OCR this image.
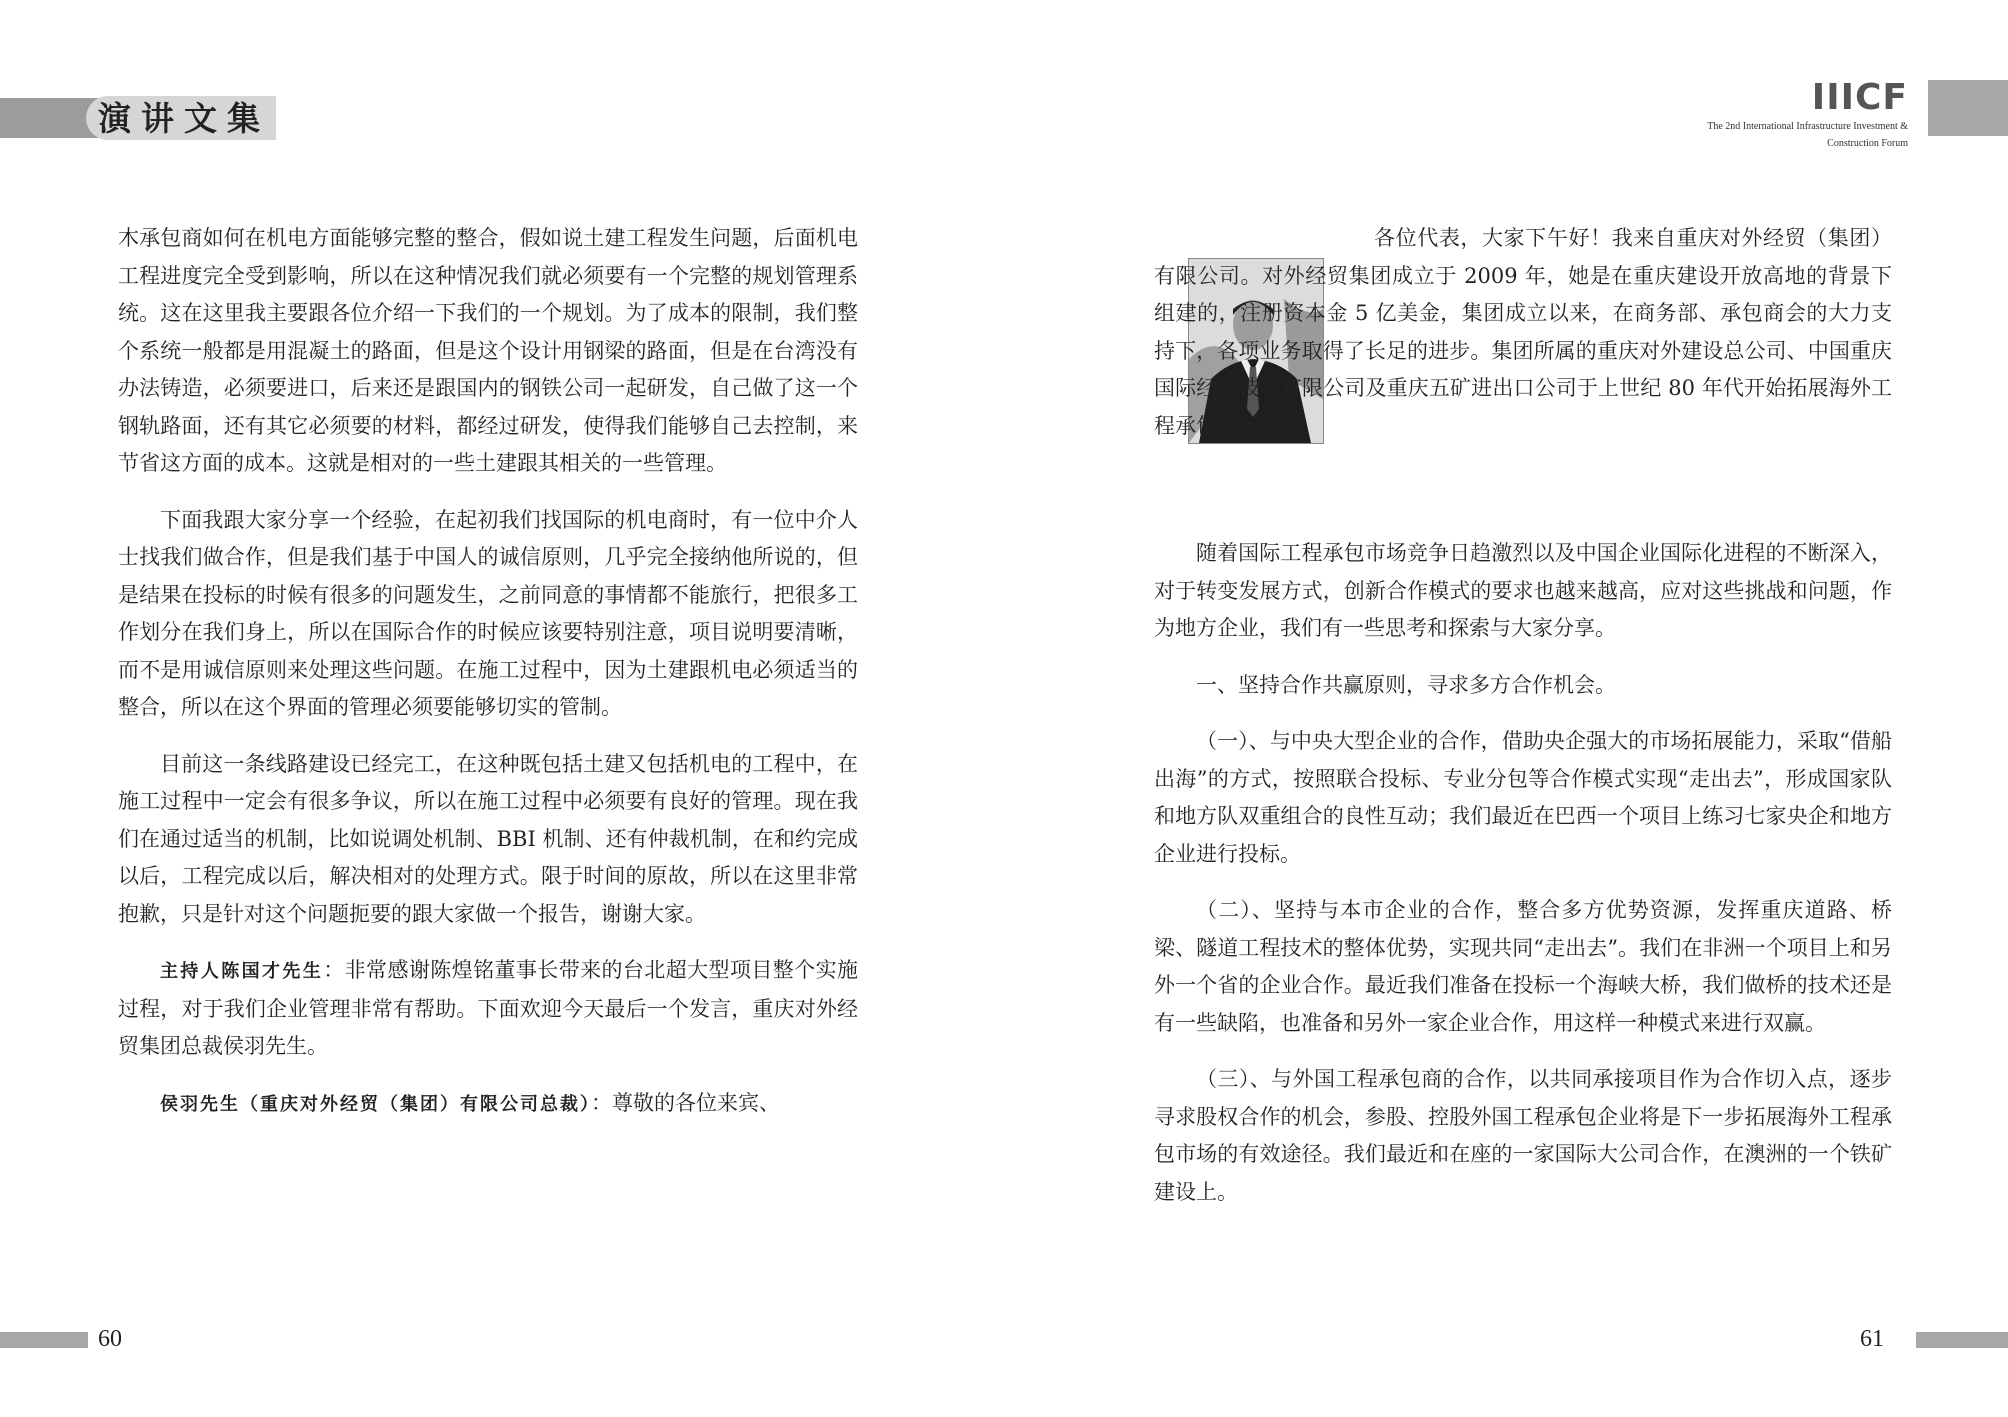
演讲文集

木承包商如何在机电方面能够完整的整合，假如说土建工程发生问题，后面机电工程进度完全受到影响，所以在这种情况我们就必须要有一个完整的规划管理系统。这在这里我主要跟各位介绍一下我们的一个规划。为了成本的限制，我们整个系统一般都是用混凝土的路面，但是这个设计用钢梁的路面，但是在台湾没有办法铸造，必须要进口，后来还是跟国内的钢铁公司一起研发，自己做了这一个钢轨路面，还有其它必须要的材料，都经过研发，使得我们能够自己去控制，来节省这方面的成本。这就是相对的一些土建跟其相关的一些管理。

下面我跟大家分享一个经验，在起初我们找国际的机电商时，有一位中介人士找我们做合作，但是我们基于中国人的诚信原则，几乎完全接纳他所说的，但是结果在投标的时候有很多的问题发生，之前同意的事情都不能旅行，把很多工作划分在我们身上，所以在国际合作的时候应该要特别注意，项目说明要清晰，而不是用诚信原则来处理这些问题。在施工过程中，因为土建跟机电必须适当的整合，所以在这个界面的管理必须要能够切实的管制。

目前这一条线路建设已经完工，在这种既包括土建又包括机电的工程中，在施工过程中一定会有很多争议，所以在施工过程中必须要有良好的管理。现在我们在通过适当的机制，比如说调处机制、BBI 机制、还有仲裁机制，在和约完成以后，工程完成以后，解决相对的处理方式。限于时间的原故，所以在这里非常抱歉，只是针对这个问题扼要的跟大家做一个报告，谢谢大家。

主持人陈国才先生：非常感谢陈煌铭董事长带来的台北超大型项目整个实施过程，对于我们企业管理非常有帮助。下面欢迎今天最后一个发言，重庆对外经贸集团总裁侯羽先生。

侯羽先生（重庆对外经贸（集团）有限公司总裁）：尊敬的各位来宾、

60
IIICF
The 2nd International Infrastructure Investment &
Construction Forum

各位代表，大家下午好！我来自重庆对外经贸（集团）有限公司。对外经贸集团成立于 2009 年，她是在重庆建设开放高地的背景下组建的，注册资本金 5 亿美金，集团成立以来，在商务部、承包商会的大力支持下，各项业务取得了长足的进步。集团所属的重庆对外建设总公司、中国重庆国际经济技术有限公司及重庆五矿进出口公司于上世纪 80 年代开始拓展海外工程承包市场。

随着国际工程承包市场竞争日趋激烈以及中国企业国际化进程的不断深入，对于转变发展方式，创新合作模式的要求也越来越高，应对这些挑战和问题，作为地方企业，我们有一些思考和探索与大家分享。

一、坚持合作共赢原则，寻求多方合作机会。

（一）、与中央大型企业的合作，借助央企强大的市场拓展能力，采取“借船出海”的方式，按照联合投标、专业分包等合作模式实现“走出去”，形成国家队和地方队双重组合的良性互动；我们最近在巴西一个项目上练习七家央企和地方企业进行投标。

（二）、坚持与本市企业的合作，整合多方优势资源，发挥重庆道路、桥梁、隧道工程技术的整体优势，实现共同“走出去”。我们在非洲一个项目上和另外一个省的企业合作。最近我们准备在投标一个海峡大桥，我们做桥的技术还是有一些缺陷，也准备和另外一家企业合作，用这样一种模式来进行双赢。

（三）、与外国工程承包商的合作，以共同承接项目作为合作切入点，逐步寻求股权合作的机会，参股、控股外国工程承包企业将是下一步拓展海外工程承包市场的有效途径。我们最近和在座的一家国际大公司合作，在澳洲的一个铁矿建设上。

61
